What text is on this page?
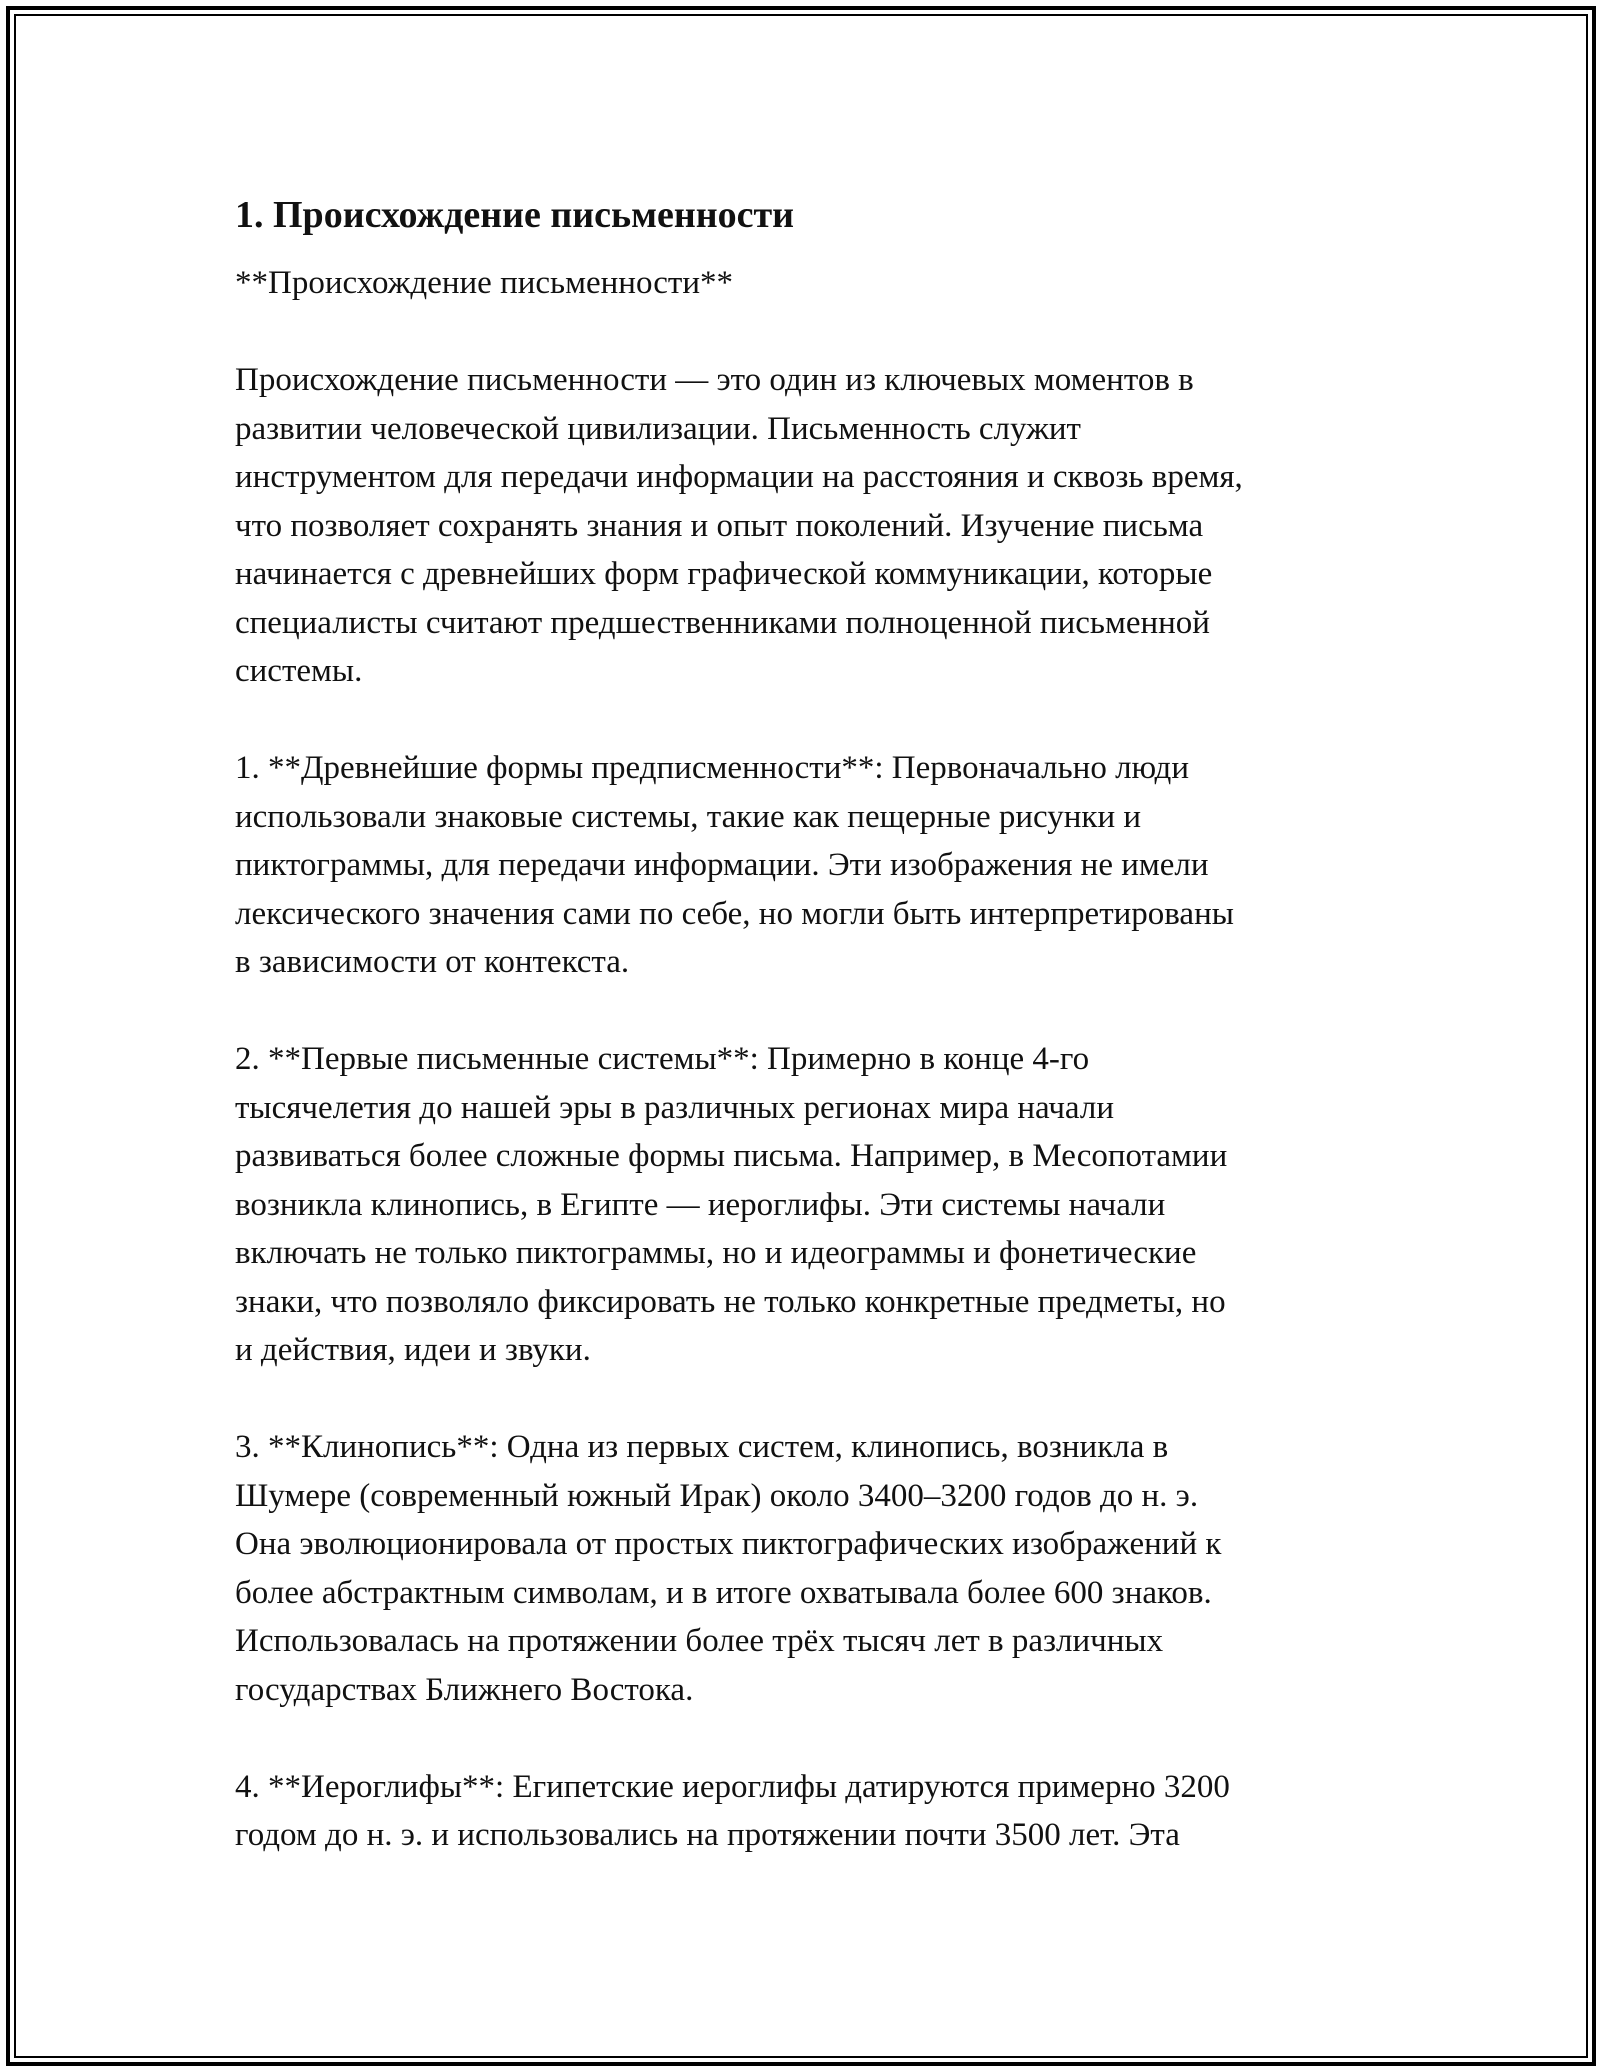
1. Происхождение письменности
**Происхождение письменности**
Происхождение письменности — это один из ключевых моментов в
развитии человеческой цивилизации. Письменность служит
инструментом для передачи информации на расстояния и сквозь время,
что позволяет сохранять знания и опыт поколений. Изучение письма
начинается с древнейших форм графической коммуникации, которые
специалисты считают предшественниками полноценной письменной
системы.
1. **Древнейшие формы предписменности**: Первоначально люди
использовали знаковые системы, такие как пещерные рисунки и
пиктограммы, для передачи информации. Эти изображения не имели
лексического значения сами по себе, но могли быть интерпретированы
в зависимости от контекста.
2. **Первые письменные системы**: Примерно в конце 4-го
тысячелетия до нашей эры в различных регионах мира начали
развиваться более сложные формы письма. Например, в Месопотамии
возникла клинопись, в Египте — иероглифы. Эти системы начали
включать не только пиктограммы, но и идеограммы и фонетические
знаки, что позволяло фиксировать не только конкретные предметы, но
и действия, идеи и звуки.
3. **Клинопись**: Одна из первых систем, клинопись, возникла в
Шумере (современный южный Ирак) около 3400–3200 годов до н. э.
Она эволюционировала от простых пиктографических изображений к
более абстрактным символам, и в итоге охватывала более 600 знаков.
Использовалась на протяжении более трёх тысяч лет в различных
государствах Ближнего Востока.
4. **Иероглифы**: Египетские иероглифы датируются примерно 3200
годом до н. э. и использовались на протяжении почти 3500 лет. Эта
